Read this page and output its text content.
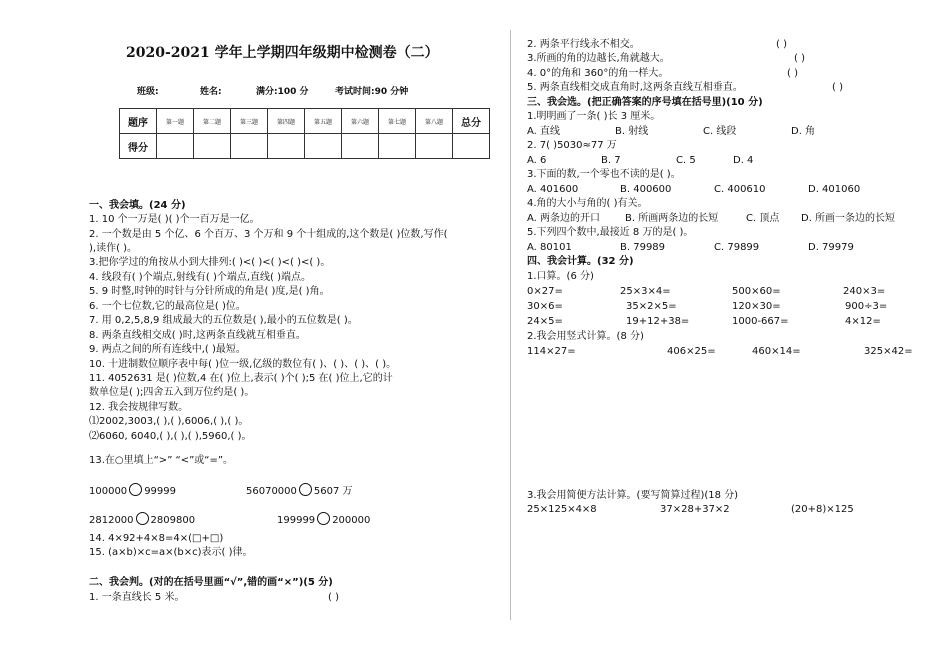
2020-2021 学年上学期四年级期中检测卷（二）
班级:	姓名:	满分:100 分	考试时间:90 分钟
题序	第一题	第二题	第三题	第四题	第五题	第六题	第七题	第八题	总分
得分									
一、我会填。(24 分)
1. 10 个一万是( )( )个一百万是一亿。
2. 一个数是由 5 个亿、6 个百万、3 个万和 9 个十组成的,这个数是( )位数,写作(
),读作( )。
3.把你学过的角按从小到大排列:( )<( )<( )<( )<( )。
4. 线段有( )个端点,射线有( )个端点,直线( )端点。
5. 9 时整,时钟的时针与分针所成的角是( )度,是( )角。
6. 一个七位数,它的最高位是( )位。
7. 用 0,2,5,8,9 组成最大的五位数是( ),最小的五位数是( )。
8. 两条直线相交成( )时,这两条直线就互相垂直。
9. 两点之间的所有连线中,( )最短。
10. 十进制数位顺序表中每( )位一级,亿级的数位有( )、( )、( )、( )。
11. 4052631 是( )位数,4 在( )位上,表示( )个( );5 在( )位上,它的计
数单位是( );四舍五入到万位约是( )。
12. 我会按规律写数。
⑴2002,3003,( ),( ),6006,( ),( )。
⑵6060, 6040,( ),( ),( ),5960,( )。
13.在○里填上“>” “<”或“=”。
100000 99999	56070000 5607 万
2812000 2809800	199999 200000
14. 4×92+4×8=4×(□+□)
15. (a×b)×c=a×(b×c)表示( )律。
二、我会判。(对的在括号里画“√”,错的画“×”)(5 分)
1. 一条直线长 5 米。	( )
2. 两条平行线永不相交。	( )
3.所画的角的边越长,角就越大。	( )
4. 0°的角和 360°的角一样大。	( )
5. 两条直线相交成直角时,这两条直线互相垂直。	( )
三、我会选。(把正确答案的序号填在括号里)(10 分)
1.明明画了一条( )长 3 厘米。
A. 直线	B. 射线	C. 线段	D. 角
2. 7( )5030≈77 万
A. 6	B. 7	C. 5	D. 4
3.下面的数,一个零也不读的是( )。
A. 401600	B. 400600	C. 400610	D. 401060
4.角的大小与角的( )有关。
A. 两条边的开口 B. 所画两条边的长短	C. 顶点 D. 所画一条边的长短
5.下列四个数中,最接近 8 万的是( )。
A. 80101	B. 79989	C. 79899	D. 79979
四、我会计算。(32 分)
1.口算。(6 分)
0×27=	25×3×4=	500×60=	240×3=
30×6=	35×2×5=	120×30=	900÷3=
24×5=	19+12+38=	1000-667=	4×12=
2.我会用竖式计算。(8 分)
114×27=	406×25=	460×14=	325×42=
3.我会用简便方法计算。(要写简算过程)(18 分)
25×125×4×8	37×28+37×2	(20+8)×125
